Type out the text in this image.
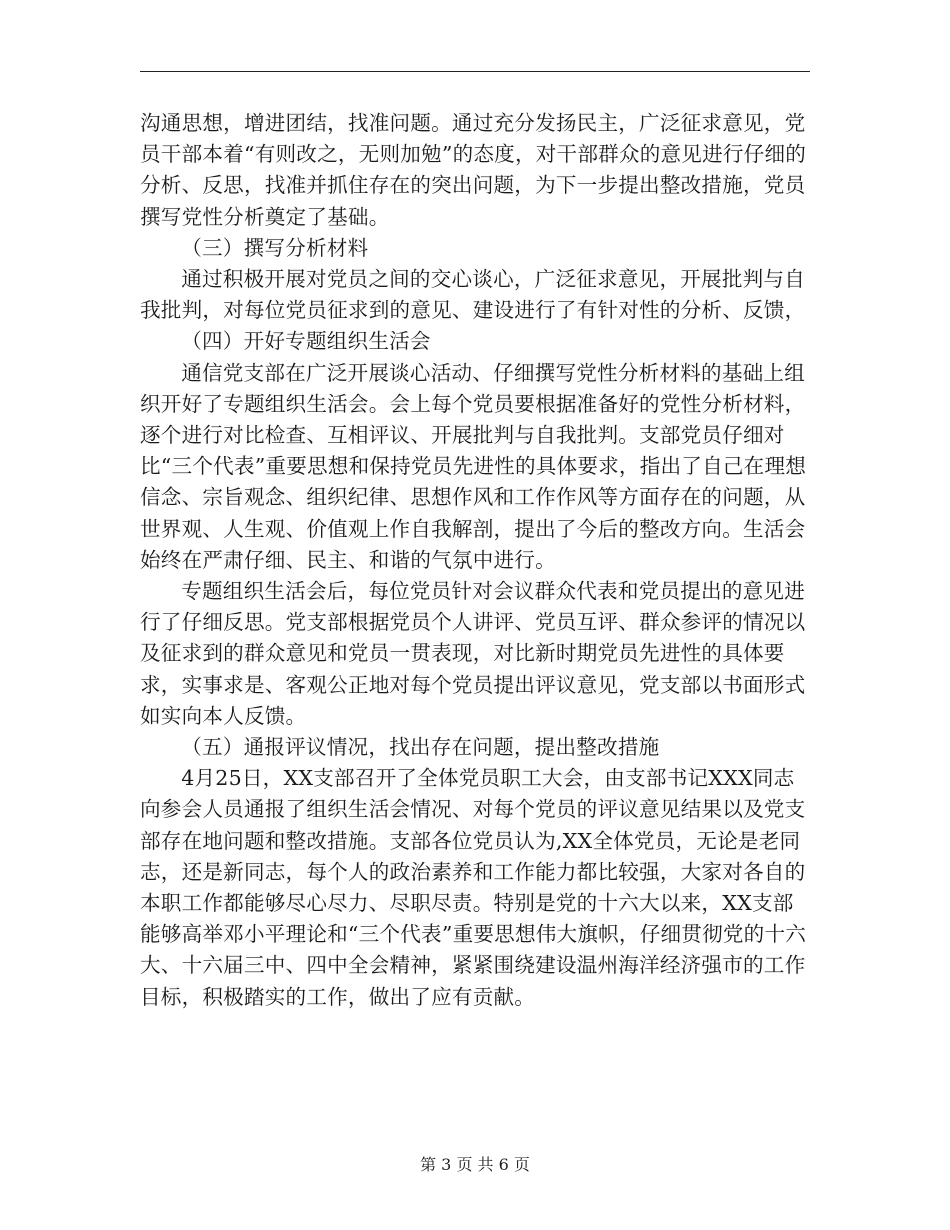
沟通思想，增进团结，找准问题。通过充分发扬民主，广泛征求意见，党员干部本着“有则改之，无则加勉”的态度，对干部群众的意见进行仔细的分析、反思，找准并抓住存在的突出问题，为下一步提出整改措施，党员撰写党性分析奠定了基础。

（三）撰写分析材料

通过积极开展对党员之间的交心谈心，广泛征求意见，开展批判与自我批判，对每位党员征求到的意见、建设进行了有针对性的分析、反馈，

（四）开好专题组织生活会

通信党支部在广泛开展谈心活动、仔细撰写党性分析材料的基础上组织开好了专题组织生活会。会上每个党员要根据准备好的党性分析材料，逐个进行对比检查、互相评议、开展批判与自我批判。支部党员仔细对比“三个代表”重要思想和保持党员先进性的具体要求，指出了自己在理想信念、宗旨观念、组织纪律、思想作风和工作作风等方面存在的问题，从世界观、人生观、价值观上作自我解剖，提出了今后的整改方向。生活会始终在严肃仔细、民主、和谐的气氛中进行。

专题组织生活会后，每位党员针对会议群众代表和党员提出的意见进行了仔细反思。党支部根据党员个人讲评、党员互评、群众参评的情况以及征求到的群众意见和党员一贯表现，对比新时期党员先进性的具体要求，实事求是、客观公正地对每个党员提出评议意见，党支部以书面形式如实向本人反馈。

（五）通报评议情况，找出存在问题，提出整改措施

4月25日，XX支部召开了全体党员职工大会，由支部书记XXX同志向参会人员通报了组织生活会情况、对每个党员的评议意见结果以及党支部存在地问题和整改措施。支部各位党员认为,XX全体党员，无论是老同志，还是新同志，每个人的政治素养和工作能力都比较强，大家对各自的本职工作都能够尽心尽力、尽职尽责。特别是党的十六大以来，XX支部能够高举邓小平理论和“三个代表”重要思想伟大旗帜，仔细贯彻党的十六大、十六届三中、四中全会精神，紧紧围绕建设温州海洋经济强市的工作目标，积极踏实的工作，做出了应有贡献。

第 3 页 共 6 页
